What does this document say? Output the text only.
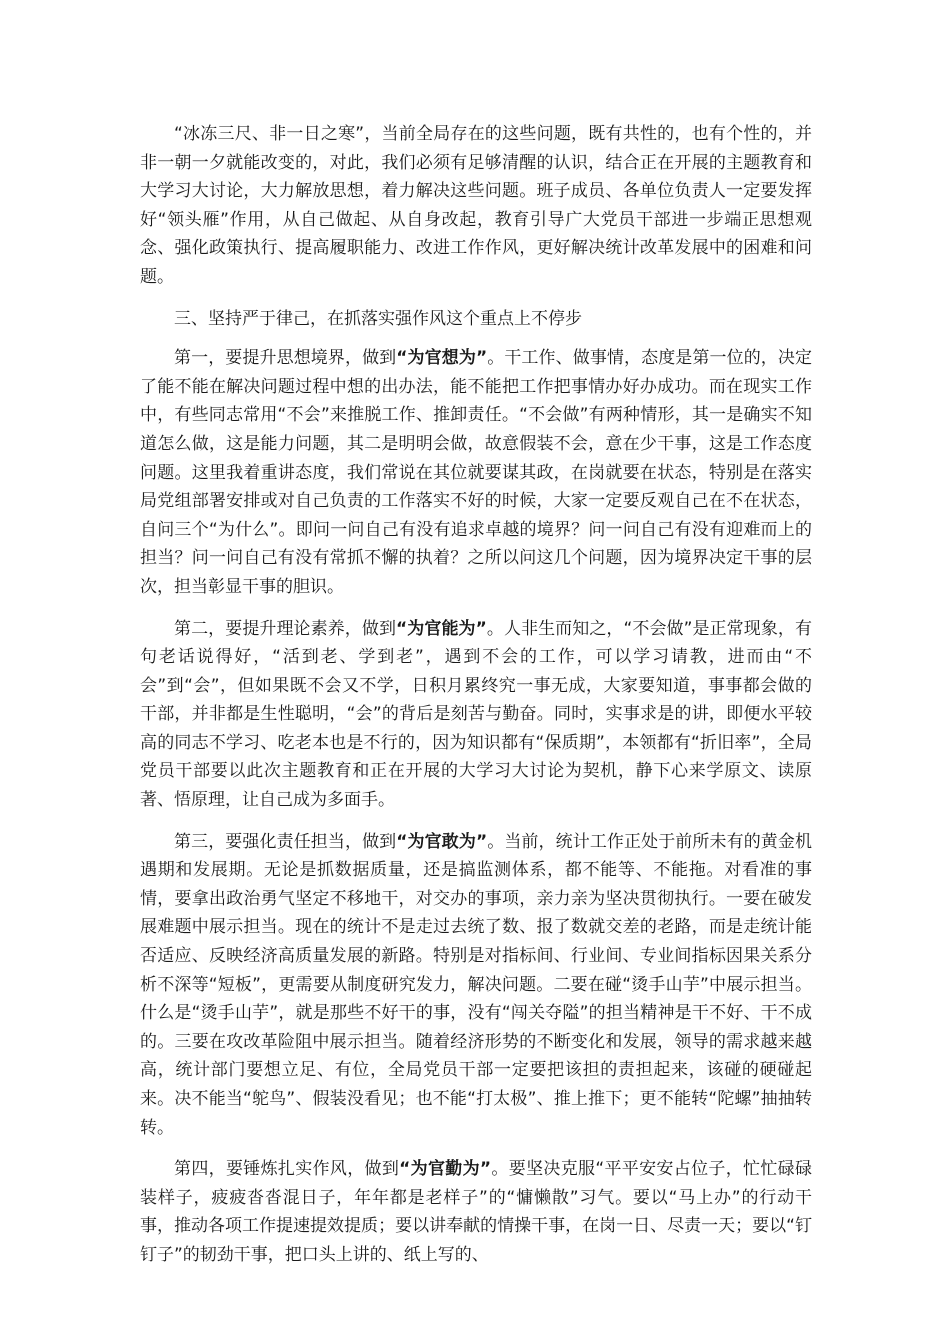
“冰冻三尺、非一日之寒”，当前全局存在的这些问题，既有共性的，也有个性的，并非一朝一夕就能改变的，对此，我们必须有足够清醒的认识，结合正在开展的主题教育和大学习大讨论，大力解放思想，着力解决这些问题。班子成员、各单位负责人一定要发挥好“领头雁”作用，从自己做起、从自身改起，教育引导广大党员干部进一步端正思想观念、强化政策执行、提高履职能力、改进工作作风，更好解决统计改革发展中的困难和问题。

三、坚持严于律己，在抓落实强作风这个重点上不停步

第一，要提升思想境界，做到“为官想为”。干工作、做事情，态度是第一位的，决定了能不能在解决问题过程中想的出办法，能不能把工作把事情办好办成功。而在现实工作中，有些同志常用“不会”来推脱工作、推卸责任。“不会做”有两种情形，其一是确实不知道怎么做，这是能力问题，其二是明明会做，故意假装不会，意在少干事，这是工作态度问题。这里我着重讲态度，我们常说在其位就要谋其政，在岗就要在状态，特别是在落实局党组部署安排或对自己负责的工作落实不好的时候，大家一定要反观自己在不在状态，自问三个“为什么”。即问一问自己有没有追求卓越的境界？问一问自己有没有迎难而上的担当？问一问自己有没有常抓不懈的执着？之所以问这几个问题，因为境界决定干事的层次，担当彰显干事的胆识。

第二，要提升理论素养，做到“为官能为”。人非生而知之，“不会做”是正常现象，有句老话说得好，“活到老、学到老”，遇到不会的工作，可以学习请教，进而由“不会”到“会”，但如果既不会又不学，日积月累终究一事无成，大家要知道，事事都会做的干部，并非都是生性聪明，“会”的背后是刻苦与勤奋。同时，实事求是的讲，即便水平较高的同志不学习、吃老本也是不行的，因为知识都有“保质期”，本领都有“折旧率”，全局党员干部要以此次主题教育和正在开展的大学习大讨论为契机，静下心来学原文、读原著、悟原理，让自己成为多面手。

第三，要强化责任担当，做到“为官敢为”。当前，统计工作正处于前所未有的黄金机遇期和发展期。无论是抓数据质量，还是搞监测体系，都不能等、不能拖。对看准的事情，要拿出政治勇气坚定不移地干，对交办的事项，亲力亲为坚决贯彻执行。一要在破发展难题中展示担当。现在的统计不是走过去统了数、报了数就交差的老路，而是走统计能否适应、反映经济高质量发展的新路。特别是对指标间、行业间、专业间指标因果关系分析不深等“短板”，更需要从制度研究发力，解决问题。二要在碰“烫手山芋”中展示担当。什么是“烫手山芋”，就是那些不好干的事，没有“闯关夺隘”的担当精神是干不好、干不成的。三要在攻改革险阻中展示担当。随着经济形势的不断变化和发展，领导的需求越来越高，统计部门要想立足、有位，全局党员干部一定要把该担的责担起来，该碰的硬碰起来。决不能当“鸵鸟”、假装没看见；也不能“打太极”、推上推下；更不能转“陀螺”抽抽转转。

第四，要锤炼扎实作风，做到“为官勤为”。要坚决克服“平平安安占位子，忙忙碌碌装样子，疲疲沓沓混日子，年年都是老样子”的“慵懒散”习气。要以“马上办”的行动干事，推动各项工作提速提效提质；要以讲奉献的情操干事，在岗一日、尽责一天；要以“钉钉子”的韧劲干事，把口头上讲的、纸上写的、
